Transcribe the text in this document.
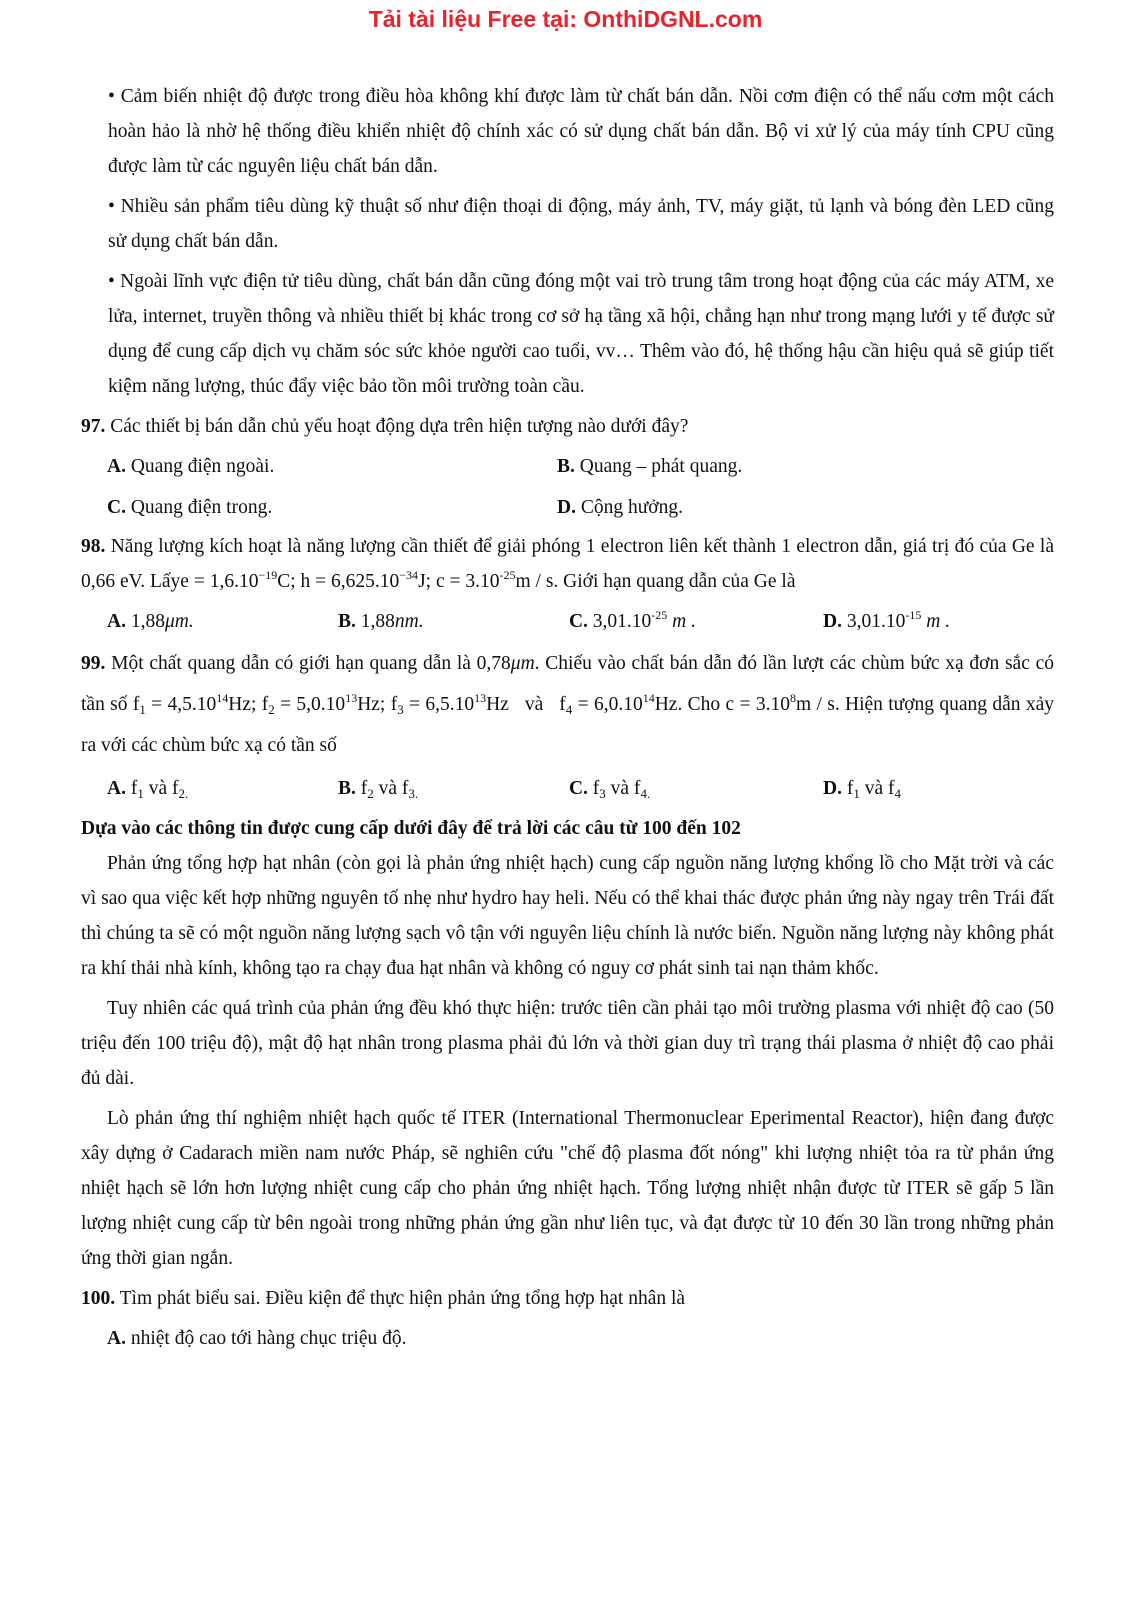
Tải tài liệu Free tại: OnthiDGNL.com

• Cảm biến nhiệt độ được trong điều hòa không khí được làm từ chất bán dẫn. Nồi cơm điện có thể nấu cơm một cách hoàn hảo là nhờ hệ thống điều khiển nhiệt độ chính xác có sử dụng chất bán dẫn. Bộ vi xử lý của máy tính CPU cũng được làm từ các nguyên liệu chất bán dẫn.

• Nhiều sản phẩm tiêu dùng kỹ thuật số như điện thoại di động, máy ảnh, TV, máy giặt, tủ lạnh và bóng đèn LED cũng sử dụng chất bán dẫn.

• Ngoài lĩnh vực điện tử tiêu dùng, chất bán dẫn cũng đóng một vai trò trung tâm trong hoạt động của các máy ATM, xe lửa, internet, truyền thông và nhiều thiết bị khác trong cơ sở hạ tầng xã hội, chẳng hạn như trong mạng lưới y tế được sử dụng để cung cấp dịch vụ chăm sóc sức khỏe người cao tuổi, vv… Thêm vào đó, hệ thống hậu cần hiệu quả sẽ giúp tiết kiệm năng lượng, thúc đẩy việc bảo tồn môi trường toàn cầu.

97. Các thiết bị bán dẫn chủ yếu hoạt động dựa trên hiện tượng nào dưới đây?

A. Quang điện ngoài.	B. Quang – phát quang.
C. Quang điện trong.	D. Cộng hưởng.

98. Năng lượng kích hoạt là năng lượng cần thiết để giải phóng 1 electron liên kết thành 1 electron dẫn, giá trị đó của Ge là 0,66 eV. Lấye = $1,6.10^{-19}C$; $h = 6,625.10^{-34}J$; $c = 3.10^{-25}m / s$. Giới hạn quang dẫn của Ge là

A. 1,88μm.	B. 1,88nm.	C. $3,01.10^{-25}$ m .	D. $3,01.10^{-15}$ m .

99. Một chất quang dẫn có giới hạn quang dẫn là 0,78μm. Chiếu vào chất bán dẫn đó lần lượt các chùm bức xạ đơn sắc có tần số $f_1 = 4,5.10^{14}Hz$; $f_2 = 5,0.10^{13}Hz$; $f_3 = 6,5.10^{13}Hz$   và   $f_4 = 6,0.10^{14}Hz$. Cho $c = 3.10^8m / s$. Hiện tượng quang dẫn xảy ra với các chùm bức xạ có tần số

A. $f_1$ và $f_{2.}$	B. $f_2$ và $f_{3.}$	C. $f_3$ và $f_{4.}$	D. $f_1$ và $f_4$

Dựa vào các thông tin được cung cấp dưới đây để trả lời các câu từ 100 đến 102

Phản ứng tổng hợp hạt nhân (còn gọi là phản ứng nhiệt hạch) cung cấp nguồn năng lượng khổng lồ cho Mặt trời và các vì sao qua việc kết hợp những nguyên tố nhẹ như hydro hay heli. Nếu có thể khai thác được phản ứng này ngay trên Trái đất thì chúng ta sẽ có một nguồn năng lượng sạch vô tận với nguyên liệu chính là nước biển. Nguồn năng lượng này không phát ra khí thải nhà kính, không tạo ra chạy đua hạt nhân và không có nguy cơ phát sinh tai nạn thảm khốc.

Tuy nhiên các quá trình của phản ứng đều khó thực hiện: trước tiên cần phải tạo môi trường plasma với nhiệt độ cao (50 triệu đến 100 triệu độ), mật độ hạt nhân trong plasma phải đủ lớn và thời gian duy trì trạng thái plasma ở nhiệt độ cao phải đủ dài.

Lò phản ứng thí nghiệm nhiệt hạch quốc tế ITER (International Thermonuclear Eperimental Reactor), hiện đang được xây dựng ở Cadarach miền nam nước Pháp, sẽ nghiên cứu "chế độ plasma đốt nóng" khi lượng nhiệt tỏa ra từ phản ứng nhiệt hạch sẽ lớn hơn lượng nhiệt cung cấp cho phản ứng nhiệt hạch. Tổng lượng nhiệt nhận được từ ITER sẽ gấp 5 lần lượng nhiệt cung cấp từ bên ngoài trong những phản ứng gần như liên tục, và đạt được từ 10 đến 30 lần trong những phản ứng thời gian ngắn.

100. Tìm phát biểu sai. Điều kiện để thực hiện phản ứng tổng hợp hạt nhân là

A. nhiệt độ cao tới hàng chục triệu độ.
